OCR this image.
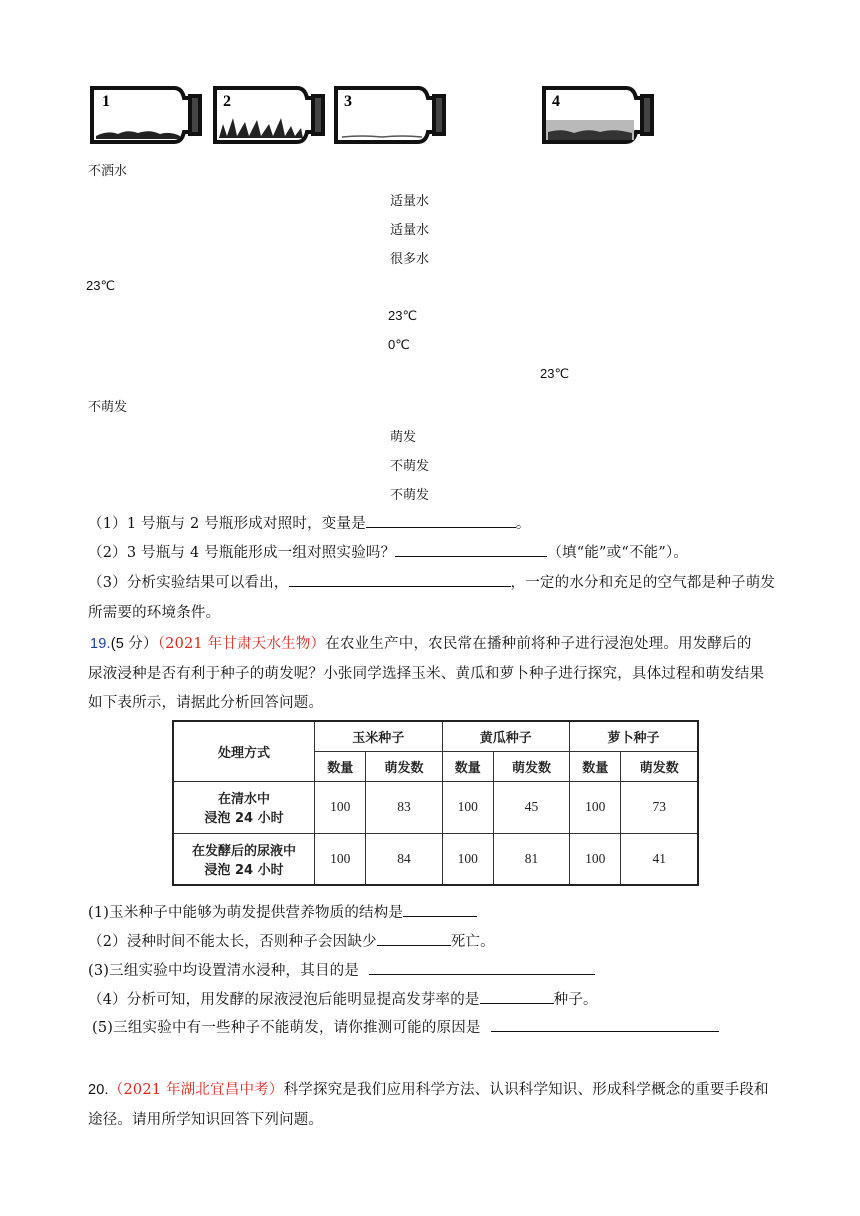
1	2	3	4
不洒水
适量水
适量水
很多水
23℃
23℃
0℃
23℃
不萌发
萌发
不萌发
不萌发
（1）1 号瓶与 2 号瓶形成对照时，变量是	。
（2）3 号瓶与 4 号瓶能形成一组对照实验吗？	（填“能”或“不能”）。
（3）分析实验结果可以看出，	，一定的水分和充足的空气都是种子萌发
所需要的环境条件。
19.(5 分）（2021 年甘肃天水生物）在农业生产中，农民常在播种前将种子进行浸泡处理。用发酵后的
尿液浸种是否有利于种子的萌发呢？小张同学选择玉米、黄瓜和萝卜种子进行探究，具体过程和萌发结果
如下表所示，请据此分析回答问题。
处理方式	玉米种子		黄瓜种子		萝卜种子	
	数量	萌发数	数量	萌发数	数量	萌发数

在清水中
浸泡 24 小时	100	83	100	45	100	73

在发酵后的尿液中
浸泡 24 小时	100	84	100	81	100	41
(1)玉米种子中能够为萌发提供营养物质的结构是
（2）浸种时间不能太长，否则种子会因缺少	死亡。
(3)三组实验中均设置清水浸种，其目的是
（4）分析可知，用发酵的尿液浸泡后能明显提高发芽率的是	种子。
(5)三组实验中有一些种子不能萌发，请你推测可能的原因是
20.（2021 年湖北宜昌中考）科学探究是我们应用科学方法、认识科学知识、形成科学概念的重要手段和
途径。请用所学知识回答下列问题。
